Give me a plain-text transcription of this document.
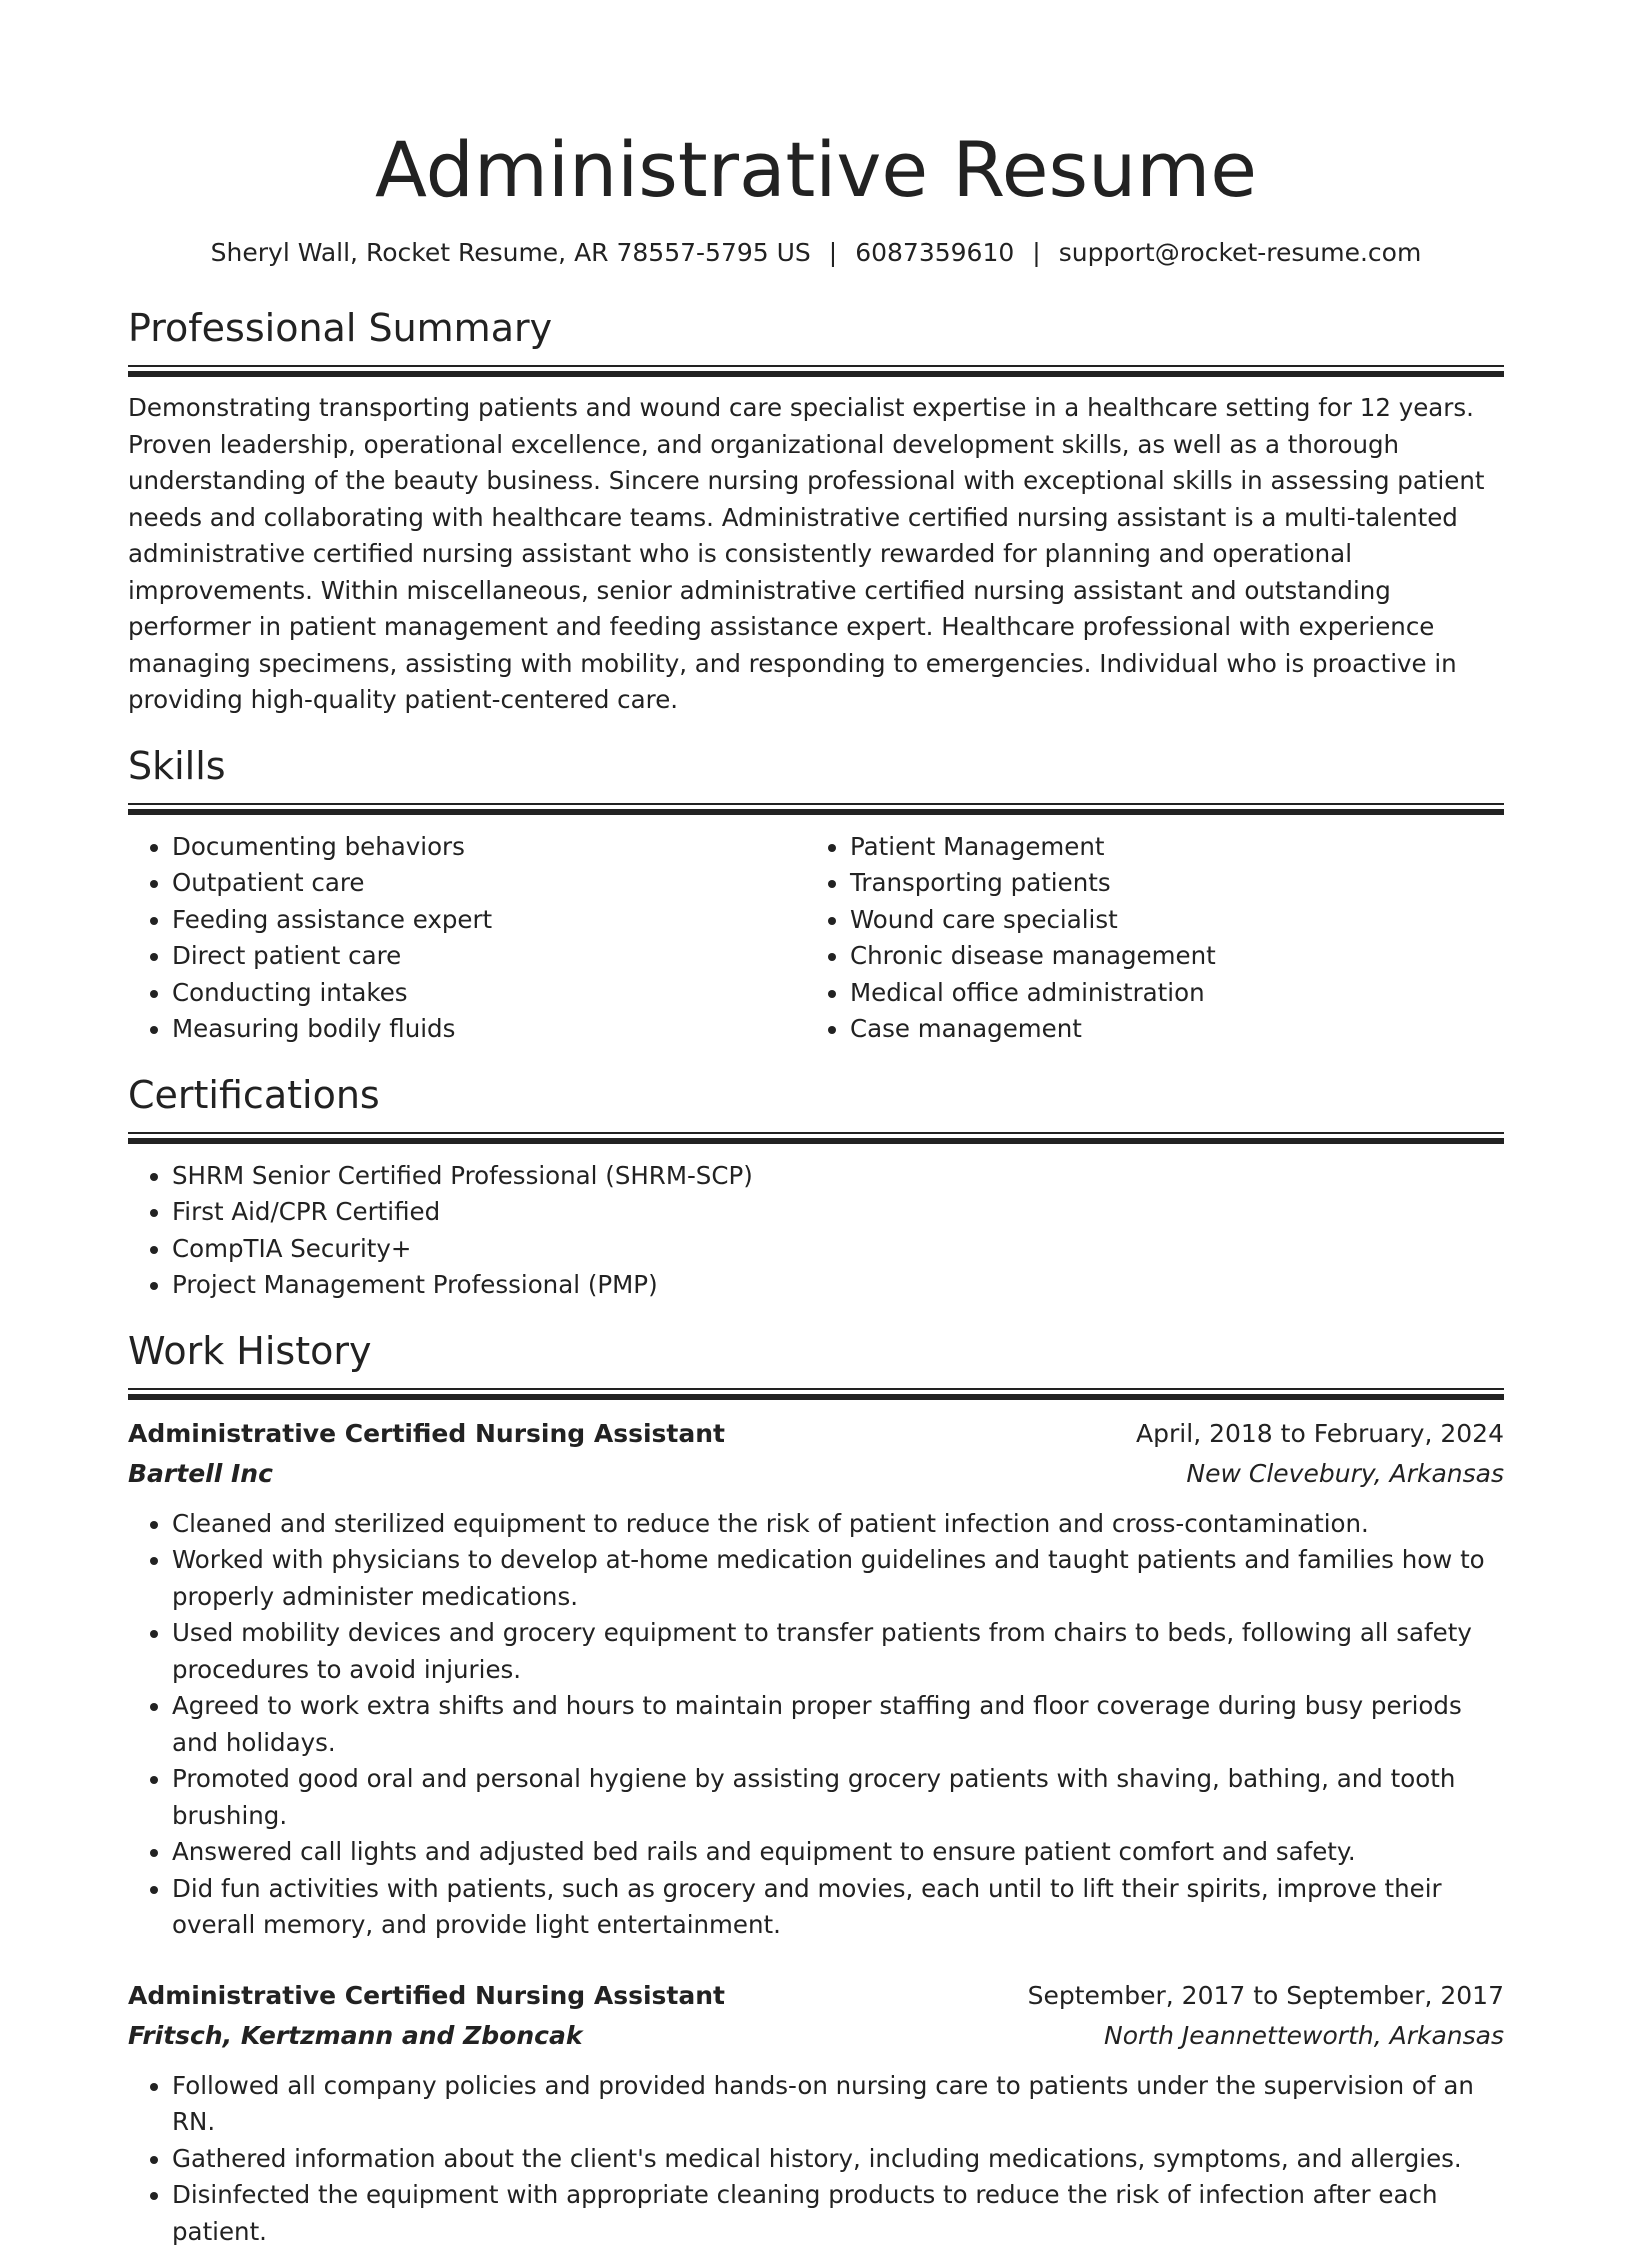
Administrative Resume
Sheryl Wall, Rocket Resume, AR 78557-5795 US | 6087359610 | support@rocket-resume.com
Professional Summary

Demonstrating transporting patients and wound care specialist expertise in a healthcare setting for 12 years. Proven leadership, operational excellence, and organizational development skills, as well as a thorough understanding of the beauty business. Sincere nursing professional with exceptional skills in assessing patient needs and collaborating with healthcare teams. Administrative certified nursing assistant is a multi-talented administrative certified nursing assistant who is consistently rewarded for planning and operational improvements. Within miscellaneous, senior administrative certified nursing assistant and outstanding performer in patient management and feeding assistance expert. Healthcare professional with experience managing specimens, assisting with mobility, and responding to emergencies. Individual who is proactive in providing high-quality patient-centered care.

Skills
• Documenting behaviors
• Outpatient care
• Feeding assistance expert
• Direct patient care
• Conducting intakes
• Measuring bodily fluids
• Patient Management
• Transporting patients
• Wound care specialist
• Chronic disease management
• Medical office administration
• Case management
Certifications
• SHRM Senior Certified Professional (SHRM-SCP)
• First Aid/CPR Certified
• CompTIA Security+
• Project Management Professional (PMP)
Work History
Administrative Certified Nursing Assistant	April, 2018 to February, 2024
Bartell Inc	New Clevebury, Arkansas
• Cleaned and sterilized equipment to reduce the risk of patient infection and cross-contamination.
• Worked with physicians to develop at-home medication guidelines and taught patients and families how to properly administer medications.
• Used mobility devices and grocery equipment to transfer patients from chairs to beds, following all safety procedures to avoid injuries.
• Agreed to work extra shifts and hours to maintain proper staffing and floor coverage during busy periods and holidays.
• Promoted good oral and personal hygiene by assisting grocery patients with shaving, bathing, and tooth brushing.
• Answered call lights and adjusted bed rails and equipment to ensure patient comfort and safety.
• Did fun activities with patients, such as grocery and movies, each until to lift their spirits, improve their overall memory, and provide light entertainment.
Administrative Certified Nursing Assistant	September, 2017 to September, 2017
Fritsch, Kertzmann and Zboncak	North Jeannetteworth, Arkansas
• Followed all company policies and provided hands-on nursing care to patients under the supervision of an RN.
• Gathered information about the client's medical history, including medications, symptoms, and allergies.
• Disinfected the equipment with appropriate cleaning products to reduce the risk of infection after each patient.
